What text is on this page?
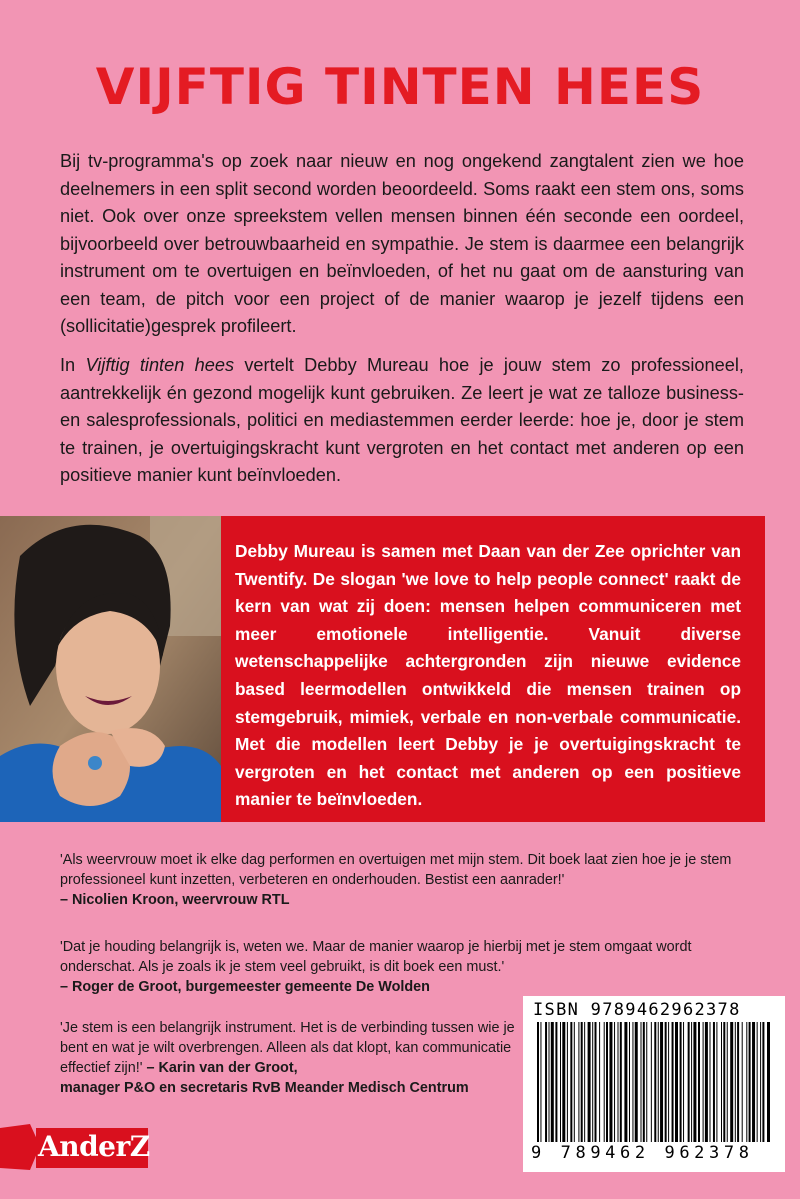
VIJFTIG TINTEN HEES

Bij tv-programma's op zoek naar nieuw en nog ongekend zangtalent zien we hoe deelnemers in een split second worden beoordeeld. Soms raakt een stem ons, soms niet. Ook over onze spreekstem vellen mensen binnen één seconde een oordeel, bijvoorbeeld over betrouwbaarheid en sympathie. Je stem is daarmee een belangrijk instrument om te overtuigen en beïnvloeden, of het nu gaat om de aansturing van een team, de pitch voor een project of de manier waarop je jezelf tijdens een (sollicitatie)gesprek profileert.

In Vijftig tinten hees vertelt Debby Mureau hoe je jouw stem zo professioneel, aantrekkelijk én gezond mogelijk kunt gebruiken. Ze leert je wat ze talloze business- en salesprofessionals, politici en mediastemmen eerder leerde: hoe je, door je stem te trainen, je overtuigingskracht kunt vergroten en het contact met anderen op een positieve manier kunt beïnvloeden.

Debby Mureau is samen met Daan van der Zee oprichter van Twentify. De slogan 'we love to help people connect' raakt de kern van wat zij doen: mensen helpen communiceren met meer emotionele intelligentie. Vanuit diverse wetenschappelijke achtergronden zijn nieuwe evidence based leermodellen ontwikkeld die mensen trainen op stemgebruik, mimiek, verbale en non-verbale communicatie. Met die modellen leert Debby je je overtuigingskracht te vergroten en het contact met anderen op een positieve manier te beïnvloeden.

'Als weervrouw moet ik elke dag performen en overtuigen met mijn stem. Dit boek laat zien hoe je je stem professioneel kunt inzetten, verbeteren en onderhouden. Bestist een aanrader!'
– Nicolien Kroon, weervrouw RTL

'Dat je houding belangrijk is, weten we. Maar de manier waarop je hierbij met je stem omgaat wordt onderschat. Als je zoals ik je stem veel gebruikt, is dit boek een must.'
– Roger de Groot, burgemeester gemeente De Wolden

'Je stem is een belangrijk instrument. Het is de verbinding tussen wie je bent en wat je wilt overbrengen. Alleen als dat klopt, kan communicatie effectief zijn!' – Karin van der Groot,
manager P&O en secretaris RvB Meander Medisch Centrum

ISBN 9789462962378

9 789462 962378

AnderZ
